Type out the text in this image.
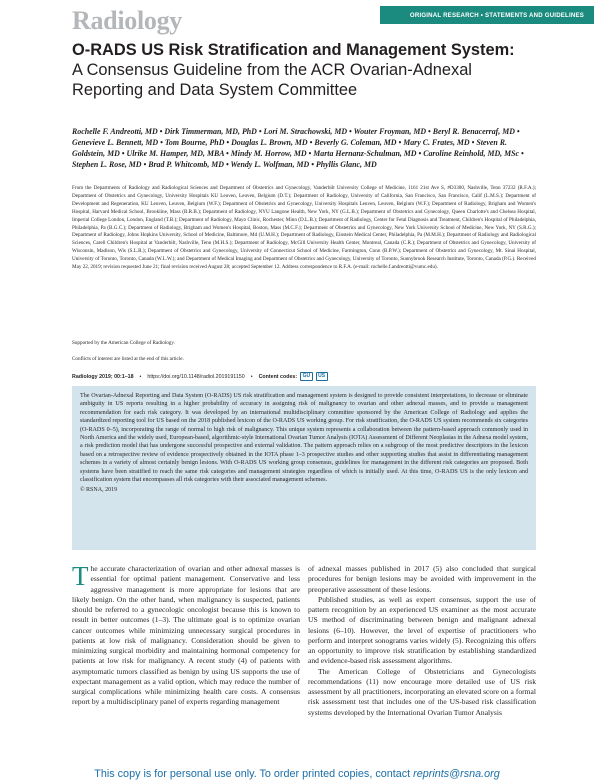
Radiology	ORIGINAL RESEARCH • STATEMENTS AND GUIDELINES
O-RADS US Risk Stratification and Management System:
A Consensus Guideline from the ACR Ovarian-Adnexal Reporting and Data System Committee
Rochelle F. Andreotti, MD • Dirk Timmerman, MD, PhD • Lori M. Strachowski, MD • Wouter Froyman, MD • Beryl R. Benacerraf, MD • Genevieve L. Bennett, MD • Tom Bourne, PhD • Douglas L. Brown, MD • Beverly G. Coleman, MD • Mary C. Frates, MD • Steven R. Goldstein, MD • Ulrike M. Hamper, MD, MBA • Mindy M. Horrow, MD • Marta Hernanz-Schulman, MD • Caroline Reinhold, MD, MSc • Stephen L. Rose, MD • Brad P. Whitcomb, MD • Wendy L. Wolfman, MD • Phyllis Glanc, MD
From the Departments of Radiology and Radiological Sciences and Department of Obstetrics and Gynecology, Vanderbilt University College of Medicine, 1161 21st Ave S, #D3300, Nashville, Tenn 37232 (R.F.A.); Department of Obstetrics and Gynecology, University Hospitals KU Leuven, Leuven, Belgium (D.T.); Department of Radiology, University of California, San Francisco, San Francisco, Calif (L.M.S.); Department of Development and Regeneration, KU Leuven, Leuven, Belgium (W.F.); Department of Obstetrics and Gynecology, University Hospitals Leuven, Leuven, Belgium (W.F.); Department of Radiology, Brigham and Women's Hospital, Harvard Medical School, Brookline, Mass (B.R.B.); Department of Radiology, NYU Langone Health, New York, NY (G.L.B.); Department of Obstetrics and Gynecology, Queen Charlotte's and Chelsea Hospital, Imperial College London, London, England (T.B.); Department of Radiology, Mayo Clinic, Rochester, Minn (D.L.B.); Department of Radiology, Center for Fetal Diagnosis and Treatment, Children's Hospital of Philadelphia, Philadelphia, Pa (B.G.C.); Department of Radiology, Brigham and Women's Hospital, Boston, Mass (M.C.F.); Department of Obstetrics and Gynecology, New York University School of Medicine, New York, NY (S.R.G.); Department of Radiology, Johns Hopkins University, School of Medicine, Baltimore, Md (U.M.H.); Department of Radiology, Einstein Medical Center, Philadelphia, Pa (M.M.H.); Department of Radiology and Radiological Sciences, Carell Children's Hospital at Vanderbilt, Nashville, Tenn (M.H.S.); Department of Radiology, McGill University Health Center, Montreal, Canada (C.R.); Department of Obstetrics and Gynecology, University of Wisconsin, Madison, Wis (S.L.R.); Department of Obstetrics and Gynecology, University of Connecticut School of Medicine, Farmington, Conn (B.P.W.); Department of Obstetrics and Gynecology, Mt. Sinai Hospital, University of Toronto, Toronto, Canada (W.L.W.); and Department of Medical Imaging and Department of Obstetrics and Gynecology, University of Toronto, Sunnybrook Research Institute, Toronto, Canada (P.G.). Received May 22, 2019; revision requested June 21; final revision received August 28; accepted September 12. Address correspondence to R.F.A. (e-mail: rochelle.f.andreotti@vumc.edu).
Supported by the American College of Radiology.
Conflicts of interest are listed at the end of this article.
Radiology 2019; 00:1–18	•	https://doi.org/10.1148/radiol.2019191150	•	Content codes:	GU	US
The Ovarian-Adnexal Reporting and Data System (O-RADS) US risk stratification and management system is designed to provide consistent interpretations, to decrease or eliminate ambiguity in US reports resulting in a higher probability of accuracy in assigning risk of malignancy to ovarian and other adnexal masses, and to provide a management recommendation for each risk category. It was developed by an international multidisciplinary committee sponsored by the American College of Radiology and applies the standardized reporting tool for US based on the 2018 published lexicon of the O-RADS US working group. For risk stratification, the O-RADS US system recommends six categories (O-RADS 0–5), incorporating the range of normal to high risk of malignancy. This unique system represents a collaboration between the pattern-based approach commonly used in North America and the widely used, European-based, algorithmic-style International Ovarian Tumor Analysis (IOTA) Assessment of Different Neoplasias in the Adnexa model system, a risk prediction model that has undergone successful prospective and external validation. The pattern approach relies on a subgroup of the most predictive descriptors in the lexicon based on a retrospective review of evidence prospectively obtained in the IOTA phase 1–3 prospective studies and other supporting studies that assist in differentiating management schemes in a variety of almost certainly benign lesions. With O-RADS US working group consensus, guidelines for management in the different risk categories are proposed. Both systems have been stratified to reach the same risk categories and management strategies regardless of which is initially used. At this time, O-RADS US is the only lexicon and classification system that encompasses all risk categories with their associated management schemes.
© RSNA, 2019

The accurate characterization of ovarian and other adnexal masses is essential for optimal patient management. Conservative and less aggressive management is more appropriate for lesions that are likely benign. On the other hand, when malignancy is suspected, patients should be referred to a gynecologic oncologist because this is known to result in better outcomes (1–3). The ultimate goal is to optimize ovarian cancer outcomes while minimizing unnecessary surgical procedures in patients at low risk of malignancy. Consideration should be given to minimizing surgical morbidity and maintaining hormonal competency for patients at low risk for malignancy. A recent study (4) of patients with asymptomatic tumors classified as benign by using US supports the use of expectant management as a valid option, which may reduce the number of surgical complications while minimizing health care costs. A consensus report by a multidisciplinary panel of experts regarding management

of adnexal masses published in 2017 (5) also concluded that surgical procedures for benign lesions may be avoided with improvement in the preoperative assessment of these lesions.

Published studies, as well as expert consensus, support the use of pattern recognition by an experienced US examiner as the most accurate US method of discriminating between benign and malignant adnexal lesions (6–10). However, the level of expertise of practitioners who perform and interpret sonograms varies widely (5). Recognizing this offers an opportunity to improve risk stratification by establishing standardized and evidence-based risk assessment algorithms.

The American College of Obstetricians and Gynecologists recommendations (11) now encourage more detailed use of US risk assessment by all practitioners, incorporating an elevated score on a formal risk assessment test that includes one of the US-based risk classification systems developed by the International Ovarian Tumor Analysis

This copy is for personal use only. To order printed copies, contact reprints@rsna.org
